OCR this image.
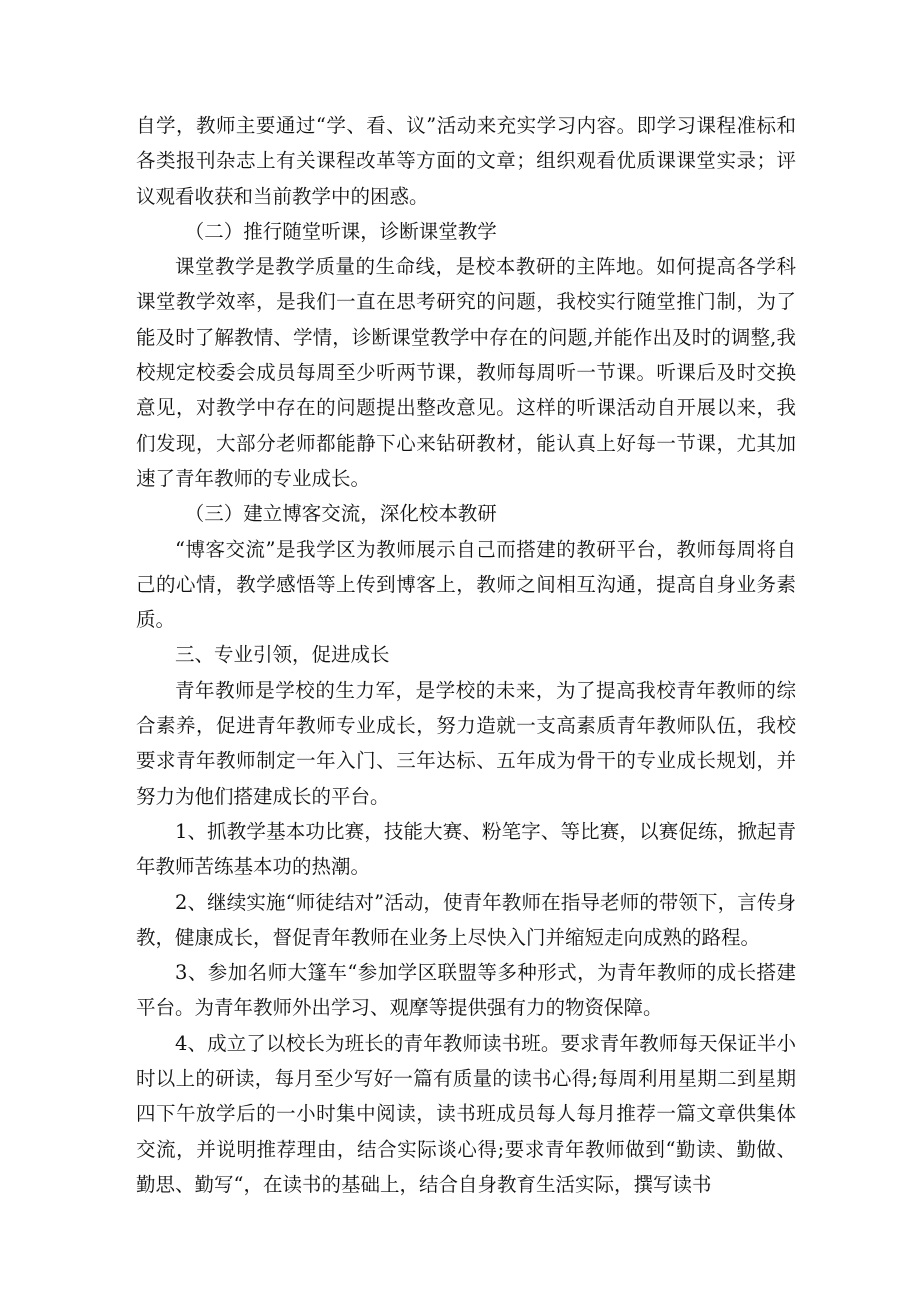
自学，教师主要通过“学、看、议”活动来充实学习内容。即学习课程准标和各类报刊杂志上有关课程改革等方面的文章；组织观看优质课课堂实录；评议观看收获和当前教学中的困惑。

（二）推行随堂听课，诊断课堂教学

课堂教学是教学质量的生命线，是校本教研的主阵地。如何提高各学科课堂教学效率，是我们一直在思考研究的问题，我校实行随堂推门制，为了能及时了解教情、学情，诊断课堂教学中存在的问题,并能作出及时的调整,我校规定校委会成员每周至少听两节课，教师每周听一节课。听课后及时交换意见，对教学中存在的问题提出整改意见。这样的听课活动自开展以来，我们发现，大部分老师都能静下心来钻研教材，能认真上好每一节课，尤其加速了青年教师的专业成长。

（三）建立博客交流，深化校本教研

“博客交流”是我学区为教师展示自己而搭建的教研平台，教师每周将自己的心情，教学感悟等上传到博客上，教师之间相互沟通，提高自身业务素质。

三、专业引领，促进成长

青年教师是学校的生力军，是学校的未来，为了提高我校青年教师的综合素养，促进青年教师专业成长，努力造就一支高素质青年教师队伍，我校要求青年教师制定一年入门、三年达标、五年成为骨干的专业成长规划，并努力为他们搭建成长的平台。

1、抓教学基本功比赛，技能大赛、粉笔字、等比赛，以赛促练，掀起青年教师苦练基本功的热潮。

2、继续实施“师徒结对”活动，使青年教师在指导老师的带领下，言传身教，健康成长，督促青年教师在业务上尽快入门并缩短走向成熟的路程。

3、参加名师大篷车“参加学区联盟等多种形式，为青年教师的成长搭建平台。为青年教师外出学习、观摩等提供强有力的物资保障。

4、成立了以校长为班长的青年教师读书班。要求青年教师每天保证半小时以上的研读，每月至少写好一篇有质量的读书心得;每周利用星期二到星期四下午放学后的一小时集中阅读，读书班成员每人每月推荐一篇文章供集体交流，并说明推荐理由，结合实际谈心得;要求青年教师做到“勤读、勤做、勤思、勤写“，在读书的基础上，结合自身教育生活实际，撰写读书
